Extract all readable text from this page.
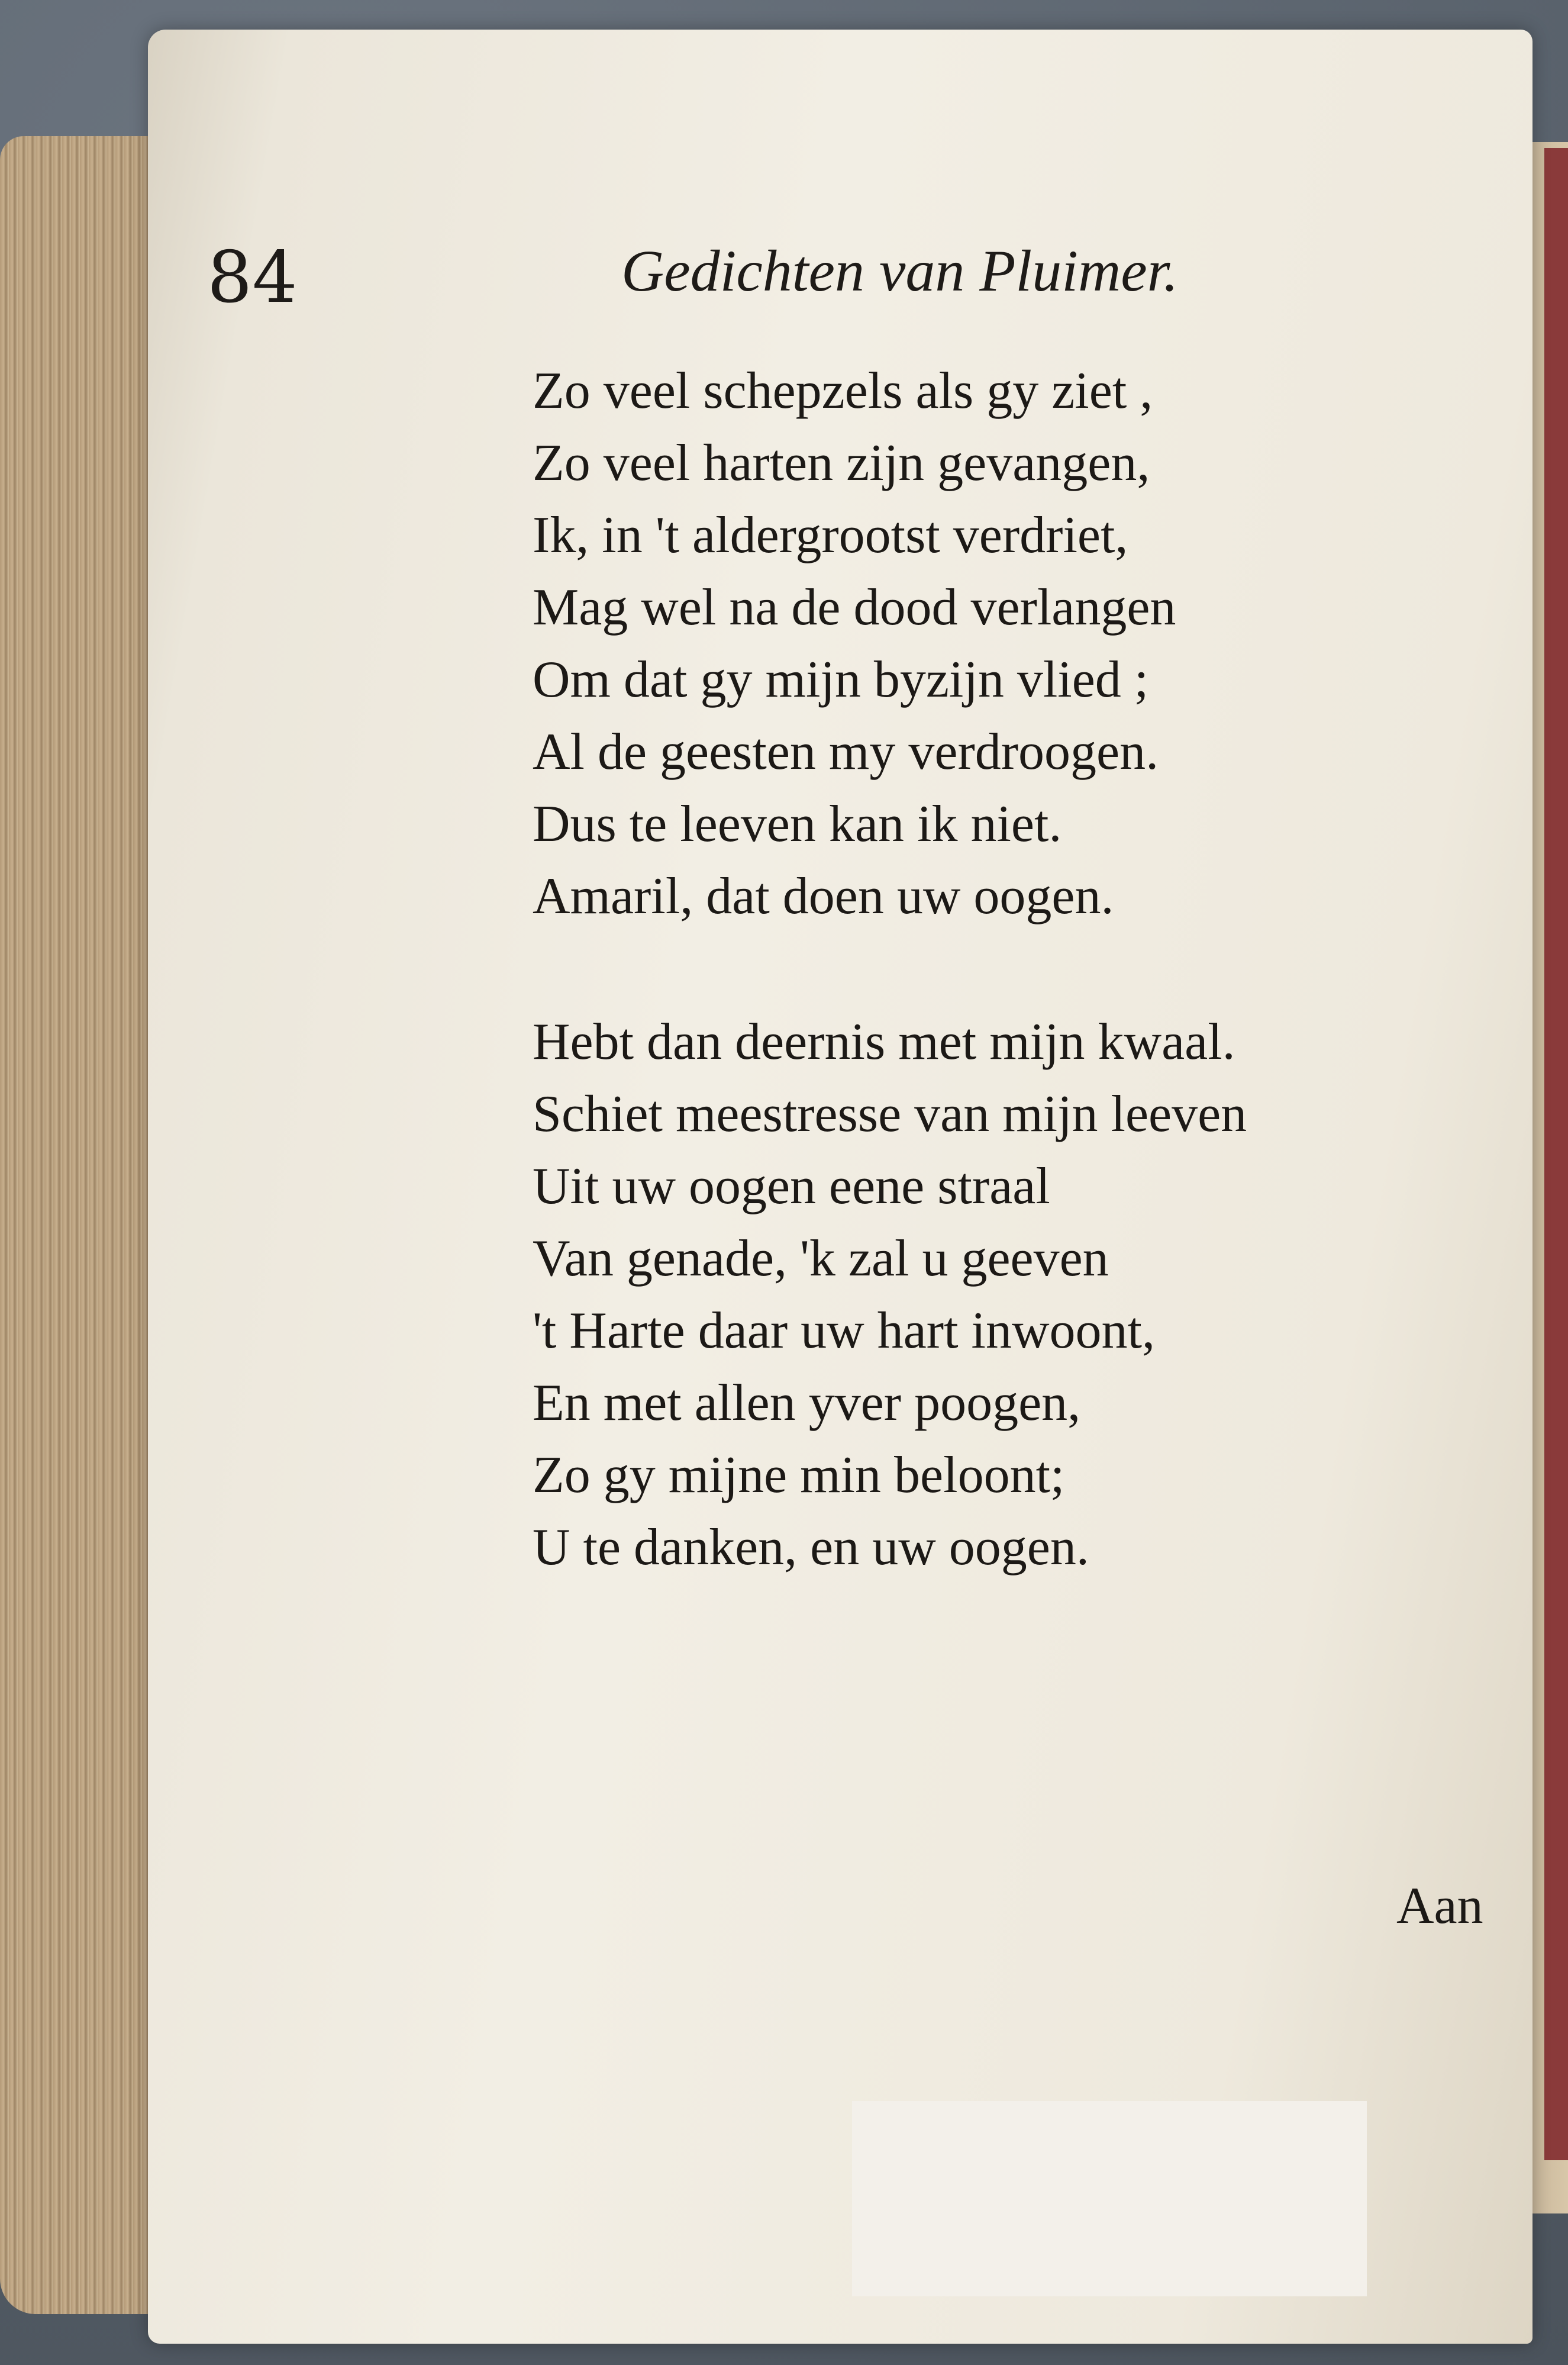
84	Gedichten van Pluimer.
Zo veel schepzels als gy ziet ,
Zo veel harten zijn gevangen,
Ik, in 't aldergrootst verdriet,
Mag wel na de dood verlangen
Om dat gy mijn byzijn vlied ;
Al de geesten my verdroogen.
Dus te leeven kan ik niet.
Amaril, dat doen uw oogen.
Hebt dan deernis met mijn kwaal.
Schiet meestresse van mijn leeven
Uit uw oogen eene straal
Van genade, 'k zal u geeven
't Harte daar uw hart inwoont,
En met allen yver poogen,
Zo gy mijne min beloont;
U te danken, en uw oogen.
Aan
